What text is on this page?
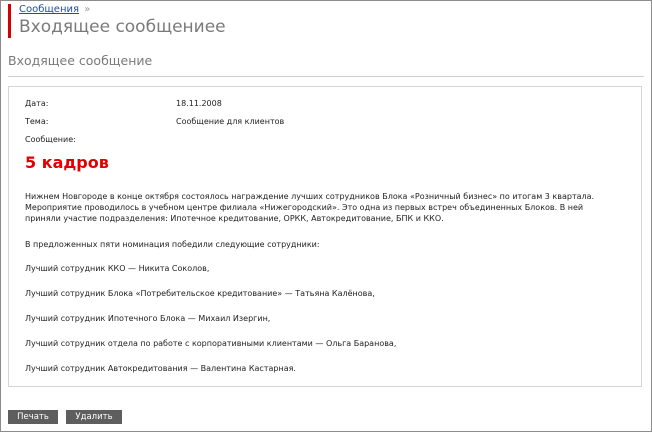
Сообщения »
Входящее сообщениее
Входящее сообщение
Дата:	18.11.2008
Тема:	Сообщение для клиентов
Сообщение:
5 кадров
Нижнем Новгороде в конце октября состоялось награждение лучших сотрудников Блока «Розничный бизнес» по итогам 3 квартала. Мероприятие проводилось в учебном центре филиала «Нижегородский». Это одна из первых встреч объединенных Блоков. В ней приняли участие подразделения: Ипотечное кредитование, ОРКК, Автокредитование, БПК и ККО.
В предложенных пяти номинация победили следующие сотрудники:
Лучший сотрудник ККО — Никита Соколов,
Лучший сотрудник Блока «Потребительское кредитование» — Татьяна Калёнова,
Лучший сотрудник Ипотечного Блока — Михаил Изергин,
Лучший сотрудник отдела по работе с корпоративными клиентами — Ольга Баранова,
Лучший сотрудник Автокредитования — Валентина Кастарная.
Печать	Удалить
